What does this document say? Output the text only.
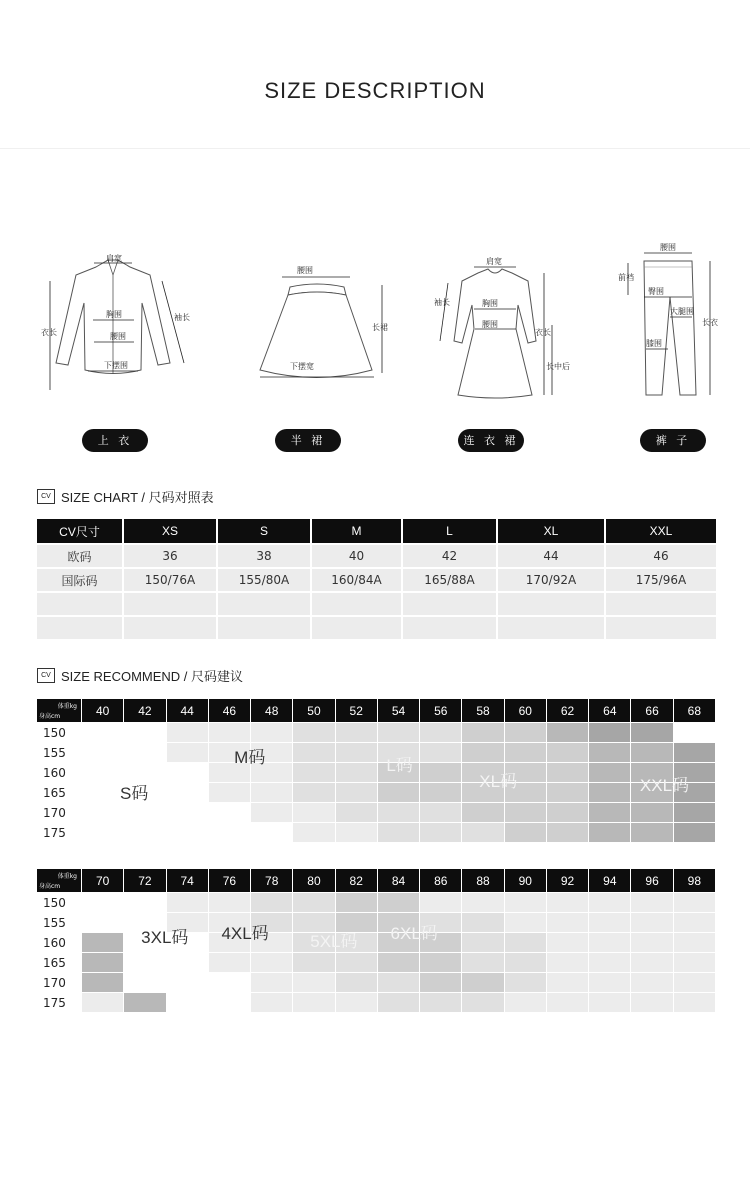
SIZE DESCRIPTION
肩宽
胸围
腰围
下摆围
衣长
袖长
腰围
下摆宽
长裙
肩宽
胸围
腰围
袖长
衣长
长中后
腰围
前裆
臀围
大腿围
膝围
长衣
上 衣	半 裙	连 衣 裙	裤 子
CV SIZE CHART / 尺码对照表
CV尺寸	XS	S	M	L	XL	XXL
欧码	36	38	40	42	44	46
国际码	150/76A	155/80A	160/84A	165/88A	170/92A	175/96A

CV SIZE RECOMMEND / 尺码建议
体重kg
身高cm	40	42	44	46	48	50	52	54	56	58	60	62	64	66	68
150
155
160
165
170
175
S码
M码	L码
XL码	XXL码
体重kg
身高cm	70	72	74	76	78	80	82	84	86	88	90	92	94	96	98
150
155
160
165
170
175
3XL码 4XL码 5XL码 6XL码
